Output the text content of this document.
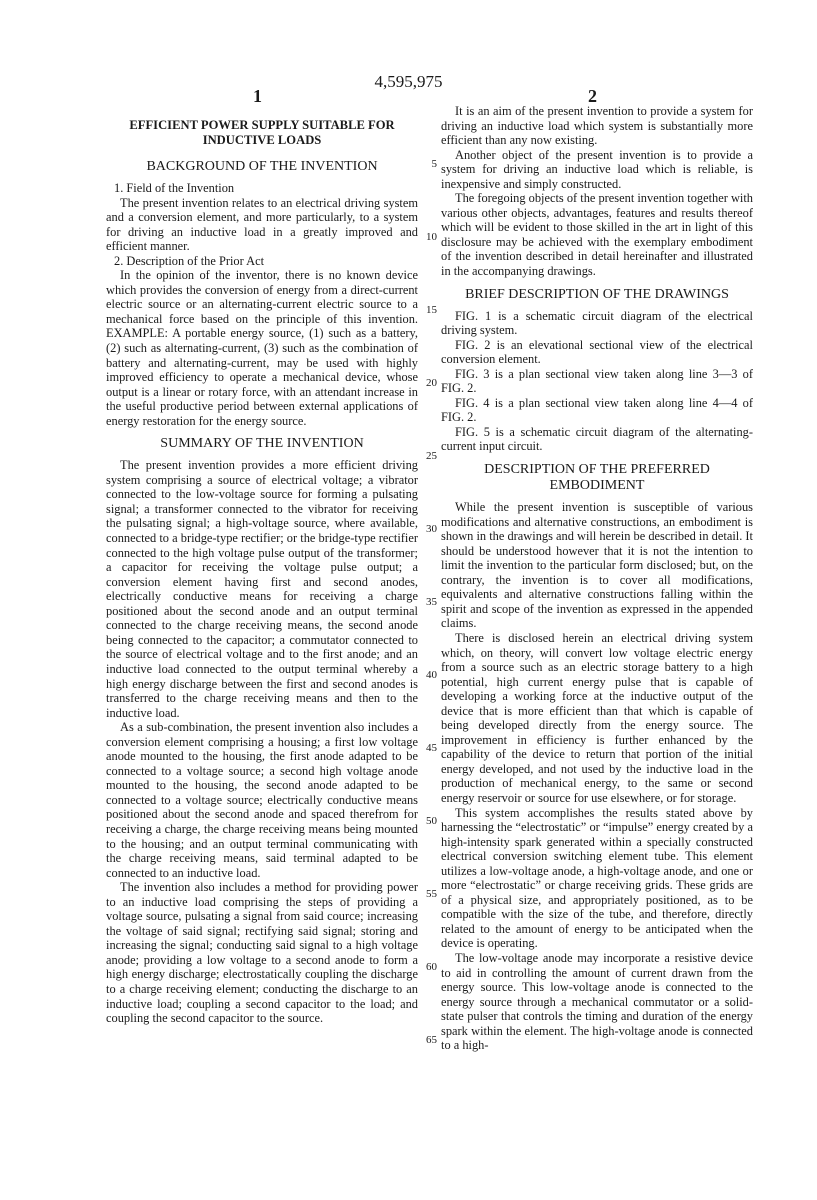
4,595,975
1	2
EFFICIENT POWER SUPPLY SUITABLE FOR INDUCTIVE LOADS
BACKGROUND OF THE INVENTION

1. Field of the Invention

The present invention relates to an electrical driving system and a conversion element, and more particularly, to a system for driving an inductive load in a greatly improved and efficient manner.

2. Description of the Prior Act

In the opinion of the inventor, there is no known device which provides the conversion of energy from a direct-current electric source or an alternating-current electric source to a mechanical force based on the principle of this invention. EXAMPLE: A portable energy source, (1) such as a battery, (2) such as alternating-current, (3) such as the combination of battery and alternating-current, may be used with highly improved efficiency to operate a mechanical device, whose output is a linear or rotary force, with an attendant increase in the useful productive period between external applications of energy restoration for the energy source.

SUMMARY OF THE INVENTION

The present invention provides a more efficient driving system comprising a source of electrical voltage; a vibrator connected to the low-voltage source for forming a pulsating signal; a transformer connected to the vibrator for receiving the pulsating signal; a high-voltage source, where available, connected to a bridge-type rectifier; or the bridge-type rectifier connected to the high voltage pulse output of the transformer; a capacitor for receiving the voltage pulse output; a conversion element having first and second anodes, electrically conductive means for receiving a charge positioned about the second anode and an output terminal connected to the charge receiving means, the second anode being connected to the capacitor; a commutator connected to the source of electrical voltage and to the first anode; and an inductive load connected to the output terminal whereby a high energy discharge between the first and second anodes is transferred to the charge receiving means and then to the inductive load.

As a sub-combination, the present invention also includes a conversion element comprising a housing; a first low voltage anode mounted to the housing, the first anode adapted to be connected to a voltage source; a second high voltage anode mounted to the housing, the second anode adapted to be connected to a voltage source; electrically conductive means positioned about the second anode and spaced therefrom for receiving a charge, the charge receiving means being mounted to the housing; and an output terminal communicating with the charge receiving means, said terminal adapted to be connected to an inductive load.

The invention also includes a method for providing power to an inductive load comprising the steps of providing a voltage source, pulsating a signal from said cource; increasing the voltage of said signal; rectifying said signal; storing and increasing the signal; conducting said signal to a high voltage anode; providing a low voltage to a second anode to form a high energy discharge; electrostatically coupling the discharge to a charge receiving element; conducting the discharge to an inductive load; coupling a second capacitor to the load; and coupling the second capacitor to the source.

5
10
15
20
25
30
35
40
45
50
55
60
65

It is an aim of the present invention to provide a system for driving an inductive load which system is substantially more efficient than any now existing.

Another object of the present invention is to provide a system for driving an inductive load which is reliable, is inexpensive and simply constructed.

The foregoing objects of the present invention together with various other objects, advantages, features and results thereof which will be evident to those skilled in the art in light of this disclosure may be achieved with the exemplary embodiment of the invention described in detail hereinafter and illustrated in the accompanying drawings.

BRIEF DESCRIPTION OF THE DRAWINGS

FIG. 1 is a schematic circuit diagram of the electrical driving system.

FIG. 2 is an elevational sectional view of the electrical conversion element.

FIG. 3 is a plan sectional view taken along line 3—3 of FIG. 2.

FIG. 4 is a plan sectional view taken along line 4—4 of FIG. 2.

FIG. 5 is a schematic circuit diagram of the alternating-current input circuit.

DESCRIPTION OF THE PREFERRED EMBODIMENT

While the present invention is susceptible of various modifications and alternative constructions, an embodiment is shown in the drawings and will herein be described in detail. It should be understood however that it is not the intention to limit the invention to the particular form disclosed; but, on the contrary, the invention is to cover all modifications, equivalents and alternative constructions falling within the spirit and scope of the invention as expressed in the appended claims.

There is disclosed herein an electrical driving system which, on theory, will convert low voltage electric energy from a source such as an electric storage battery to a high potential, high current energy pulse that is capable of developing a working force at the inductive output of the device that is more efficient than that which is capable of being developed directly from the energy source. The improvement in efficiency is further enhanced by the capability of the device to return that portion of the initial energy developed, and not used by the inductive load in the production of mechanical energy, to the same or second energy reservoir or source for use elsewhere, or for storage.

This system accomplishes the results stated above by harnessing the “electrostatic” or “impulse” energy created by a high-intensity spark generated within a specially constructed electrical conversion switching element tube. This element utilizes a low-voltage anode, a high-voltage anode, and one or more “electrostatic” or charge receiving grids. These grids are of a physical size, and appropriately positioned, as to be compatible with the size of the tube, and therefore, directly related to the amount of energy to be anticipated when the device is operating.

The low-voltage anode may incorporate a resistive device to aid in controlling the amount of current drawn from the energy source. This low-voltage anode is connected to the energy source through a mechanical commutator or a solid-state pulser that controls the timing and duration of the energy spark within the element. The high-voltage anode is connected to a high-
